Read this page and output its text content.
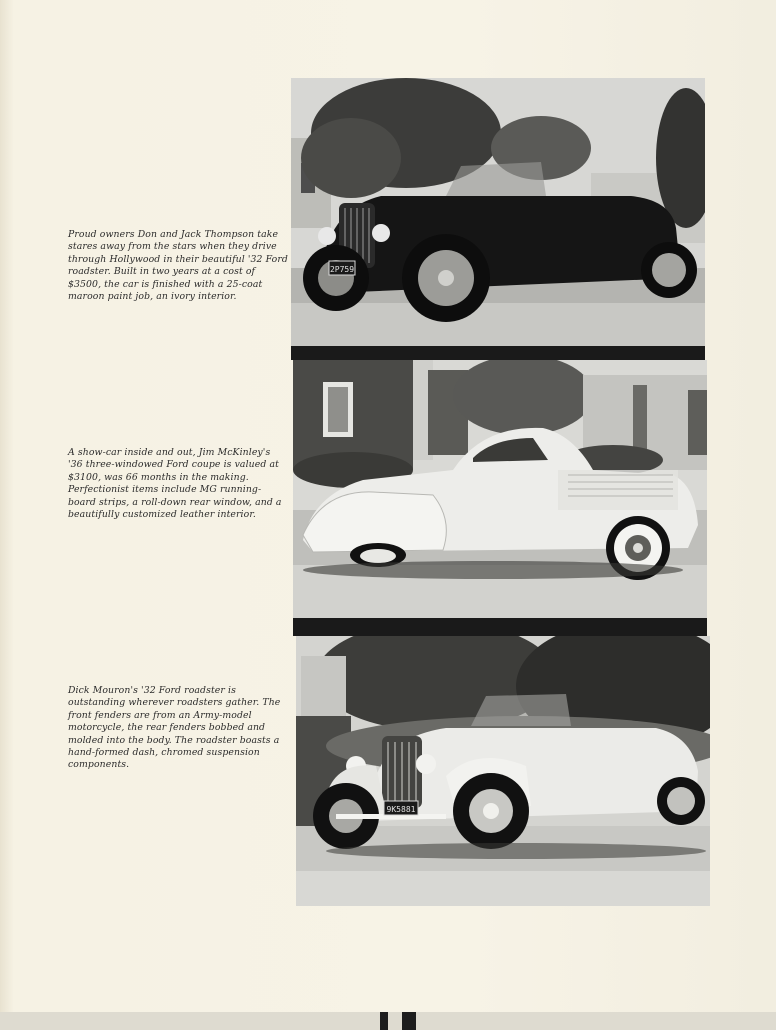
Proud owners Don and Jack Thompson take stares away from the stars when they drive through Hollywood in their beautiful '32 Ford roadster. Built in two years at a cost of $3500, the car is finished with a 25-coat maroon paint job, an ivory interior.

A show-car inside and out, Jim McKinley's '36 three-windowed Ford coupe is valued at $3100, was 66 months in the making. Perfectionist items include MG running-board strips, a roll-down rear window, and a beautifully customized leather interior.

Dick Mouron's '32 Ford roadster is outstanding wherever roadsters gather. The front fenders are from an Army-model motorcycle, the rear fenders bobbed and molded into the body. The roadster boasts a hand-formed dash, chromed suspension components.

2P759
9K5881
